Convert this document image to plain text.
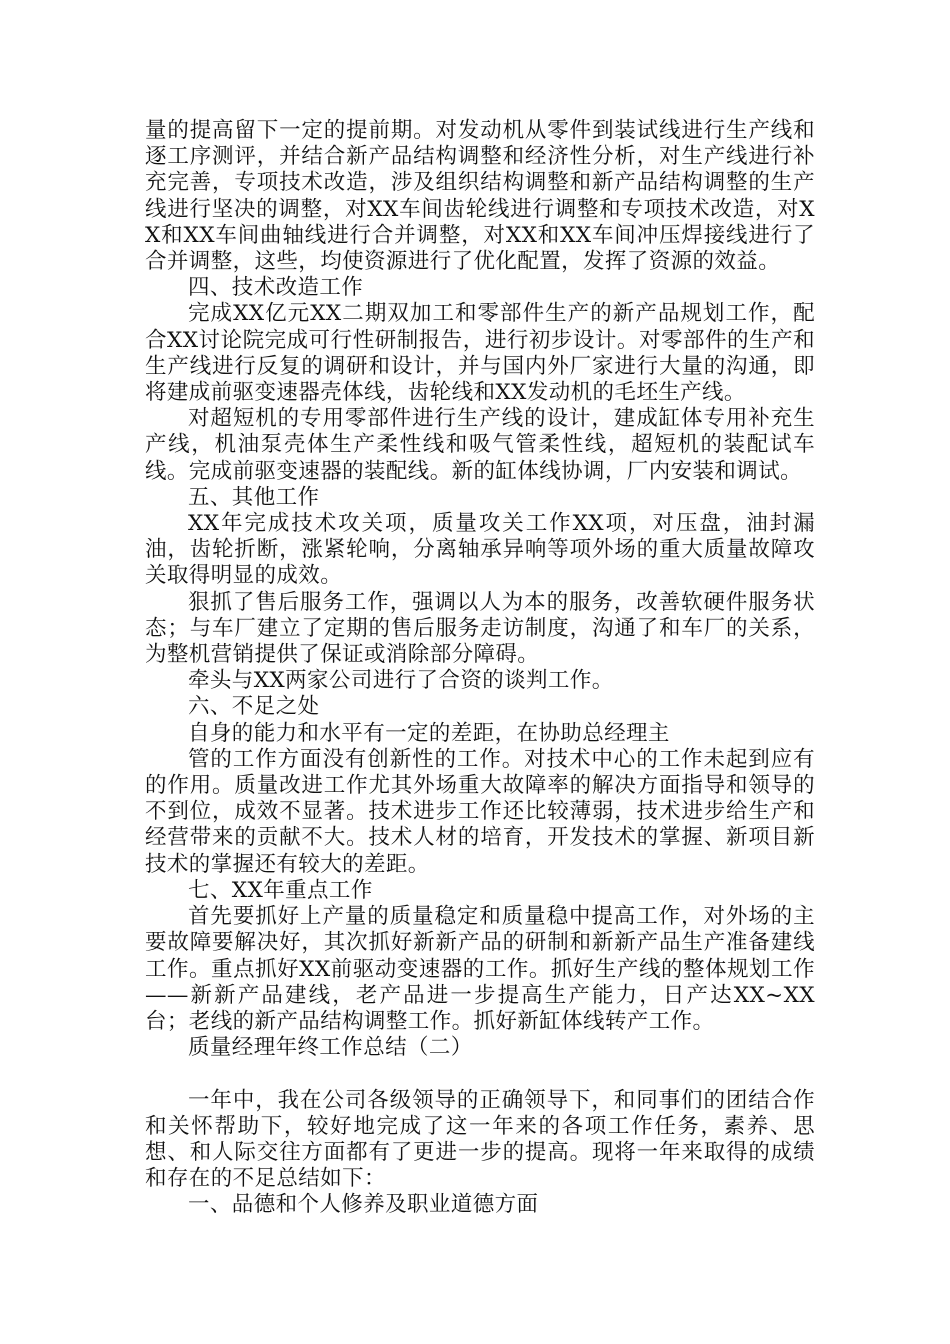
量的提高留下一定的提前期。对发动机从零件到装试线进行生产线和逐工序测评，并结合新产品结构调整和经济性分析，对生产线进行补充完善，专项技术改造，涉及组织结构调整和新产品结构调整的生产线进行坚决的调整，对XX车间齿轮线进行调整和专项技术改造，对XX和XX车间曲轴线进行合并调整，对XX和XX车间冲压焊接线进行了合并调整，这些，均使资源进行了优化配置，发挥了资源的效益。

四、技术改造工作

完成XX亿元XX二期双加工和零部件生产的新产品规划工作，配合XX讨论院完成可行性研制报告，进行初步设计。对零部件的生产和生产线进行反复的调研和设计，并与国内外厂家进行大量的沟通，即将建成前驱变速器壳体线，齿轮线和XX发动机的毛坯生产线。

对超短机的专用零部件进行生产线的设计，建成缸体专用补充生产线，机油泵壳体生产柔性线和吸气管柔性线，超短机的装配试车线。完成前驱变速器的装配线。新的缸体线协调，厂内安装和调试。

五、其他工作

XX年完成技术攻关项，质量攻关工作XX项，对压盘，油封漏油，齿轮折断，涨紧轮响，分离轴承异响等项外场的重大质量故障攻关取得明显的成效。

狠抓了售后服务工作，强调以人为本的服务，改善软硬件服务状态；与车厂建立了定期的售后服务走访制度，沟通了和车厂的关系，为整机营销提供了保证或消除部分障碍。

牵头与XX两家公司进行了合资的谈判工作。

六、不足之处

自身的能力和水平有一定的差距，在协助总经理主

管的工作方面没有创新性的工作。对技术中心的工作未起到应有的作用。质量改进工作尤其外场重大故障率的解决方面指导和领导的不到位，成效不显著。技术进步工作还比较薄弱，技术进步给生产和经营带来的贡献不大。技术人材的培育，开发技术的掌握、新项目新技术的掌握还有较大的差距。

七、XX年重点工作

首先要抓好上产量的质量稳定和质量稳中提高工作，对外场的主要故障要解决好，其次抓好新新产品的研制和新新产品生产准备建线工作。重点抓好XX前驱动变速器的工作。抓好生产线的整体规划工作——新新产品建线，老产品进一步提高生产能力，日产达XX~XX台；老线的新产品结构调整工作。抓好新缸体线转产工作。

质量经理年终工作总结（二）

一年中，我在公司各级领导的正确领导下，和同事们的团结合作和关怀帮助下，较好地完成了这一年来的各项工作任务，素养、思想、和人际交往方面都有了更进一步的提高。现将一年来取得的成绩和存在的不足总结如下：

一、品德和个人修养及职业道德方面
